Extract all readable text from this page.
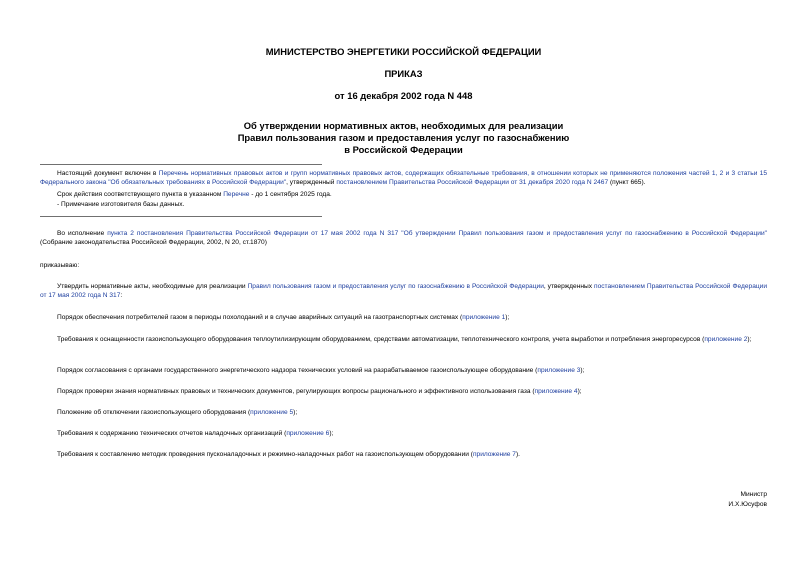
МИНИСТЕРСТВО ЭНЕРГЕТИКИ РОССИЙСКОЙ ФЕДЕРАЦИИ
ПРИКАЗ
от 16 декабря 2002 года N 448
Об утверждении нормативных актов, необходимых для реализации
Правил пользования газом и предоставления услуг по газоснабжению
в Российской Федерации
Настоящий документ включен в Перечень нормативных правовых актов и групп нормативных правовых актов, содержащих обязательные требования, в отношении которых не применяются положения частей 1, 2 и 3 статьи 15 Федерального закона "Об обязательных требованиях в Российской Федерации", утвержденный постановлением Правительства Российской Федерации от 31 декабря 2020 года N 2467 (пункт 665).
Срок действия соответствующего пункта в указанном Перечне - до 1 сентября 2025 года.
- Примечание изготовителя базы данных.
Во исполнение пункта 2 постановления Правительства Российской Федерации от 17 мая 2002 года N 317 "Об утверждении Правил пользования газом и предоставления услуг по газоснабжению в Российской Федерации" (Собрание законодательства Российской Федерации, 2002, N 20, ст.1870)
приказываю:
Утвердить нормативные акты, необходимые для реализации Правил пользования газом и предоставления услуг по газоснабжению в Российской Федерации, утвержденных постановлением Правительства Российской Федерации от 17 мая 2002 года N 317:
Порядок обеспечения потребителей газом в периоды похолоданий и в случае аварийных ситуаций на газотранспортных системах (приложение 1);
Требования к оснащенности газоиспользующего оборудования теплоутилизирующим оборудованием, средствами автоматизации, теплотехнического контроля, учета выработки и потребления энергоресурсов (приложение 2);
Порядок согласования с органами государственного энергетического надзора технических условий на разрабатываемое газоиспользующее оборудование (приложение 3);
Порядок проверки знания нормативных правовых и технических документов, регулирующих вопросы рационального и эффективного использования газа (приложение 4);
Положение об отключении газоиспользующего оборудования (приложение 5);
Требования к содержанию технических отчетов наладочных организаций (приложение 6);
Требования к составлению методик проведения пусконаладочных и режимно-наладочных работ на газоиспользующем оборудовании (приложение 7).
Министр
И.Х.Юсуфов
